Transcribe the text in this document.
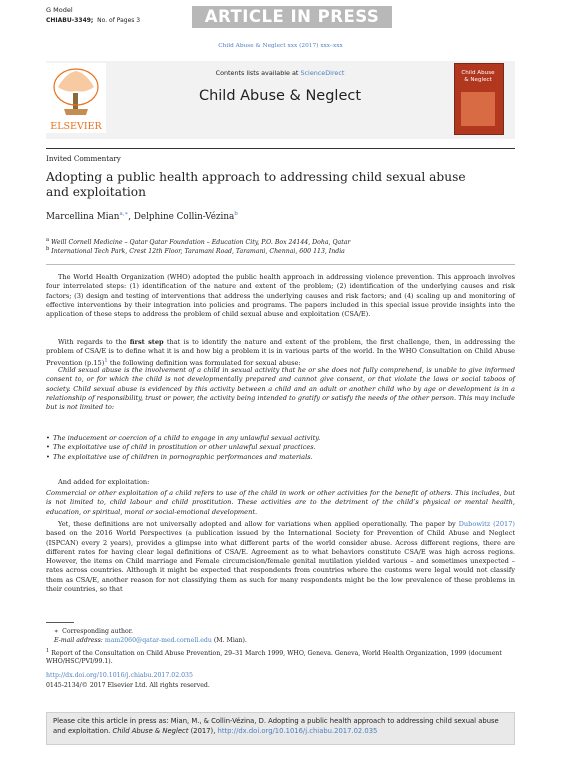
G Model
CHIABU-3349; No. of Pages 3	ARTICLE IN PRESS
Child Abuse & Neglect xxx (2017) xxx–xxx
ELSEVIER
Contents lists available at ScienceDirect
Child Abuse & Neglect
Child Abuse & Neglect
Invited Commentary
Adopting a public health approach to addressing child sexual abuse and exploitation
Marcellina Mian$^{a,∗}$, Delphine Collin-Vézina$^b$
$^a$ Weill Cornell Medicine – Qatar Qatar Foundation – Education City, P.O. Box 24144, Doha, Qatar
$^b$ International Tech Park, Crest 12th Floor, Taramani Road, Taramani, Chennai, 600 113, India
The World Health Organization (WHO) adopted the public health approach in addressing violence prevention. This approach involves four interrelated steps: (1) identification of the nature and extent of the problem; (2) identification of the underlying causes and risk factors; (3) design and testing of interventions that address the underlying causes and risk factors; and (4) scaling up and monitoring of effective interventions by their integration into policies and programs. The papers included in this special issue provide insights into the application of these steps to address the problem of child sexual abuse and exploitation (CSA/E).
With regards to the first step that is to identify the nature and extent of the problem, the first challenge, then, in addressing the problem of CSA/E is to define what it is and how big a problem it is in various parts of the world. In the WHO Consultation on Child Abuse Prevention $(p.15)^1$ the following definition was formulated for sexual abuse:
Child sexual abuse is the involvement of a child in sexual activity that he or she does not fully comprehend, is unable to give informed consent to, or for which the child is not developmentally prepared and cannot give consent, or that violate the laws or social taboos of society. Child sexual abuse is evidenced by this activity between a child and an adult or another child who by age or development is in a relationship of responsibility, trust or power, the activity being intended to gratify or satisfy the needs of the other person. This may include but is not limited to:
• The inducement or coercion of a child to engage in any unlawful sexual activity.
• The exploitative use of child in prostitution or other unlawful sexual practices.
• The exploitative use of children in pornographic performances and materials.
And added for exploitation:
Commercial or other exploitation of a child refers to use of the child in work or other activities for the benefit of others. This includes, but is not limited to, child labour and child prostitution. These activities are to the detriment of the child’s physical or mental health, education, or spiritual, moral or social-emotional development.
Yet, these definitions are not universally adopted and allow for variations when applied operationally. The paper by Dubowitz (2017) based on the 2016 World Perspectives (a publication issued by the International Society for Prevention of Child Abuse and Neglect (ISPCAN) every 2 years), provides a glimpse into what different parts of the world consider abuse. Across different regions, there are different rates for having clear legal definitions of CSA/E. Agreement as to what behaviors constitute CSA/E was high across regions. However, the items on Child marriage and Female circumcision/female genital mutilation yielded various – and sometimes unexpected – rates across countries. Although it might be expected that respondents from countries where the customs were legal would not classify them as CSA/E, another reason for not classifying them as such for many respondents might be the low prevalence of these problems in their countries, so that
∗ Corresponding author.
E-mail address: mam2060@qatar-med.cornell.edu (M. Mian).
$^1$ Report of the Consultation on Child Abuse Prevention, 29–31 March 1999, WHO, Geneva. Geneva, World Health Organization, 1999 (document WHO/HSC/PVI/99.1).
http://dx.doi.org/10.1016/j.chiabu.2017.02.035
0145-2134/© 2017 Elsevier Ltd. All rights reserved.
Please cite this article in press as: Mian, M., & Collin-Vézina, D. Adopting a public health approach to addressing child sexual abuse and exploitation. Child Abuse & Neglect (2017), http://dx.doi.org/10.1016/j.chiabu.2017.02.035
